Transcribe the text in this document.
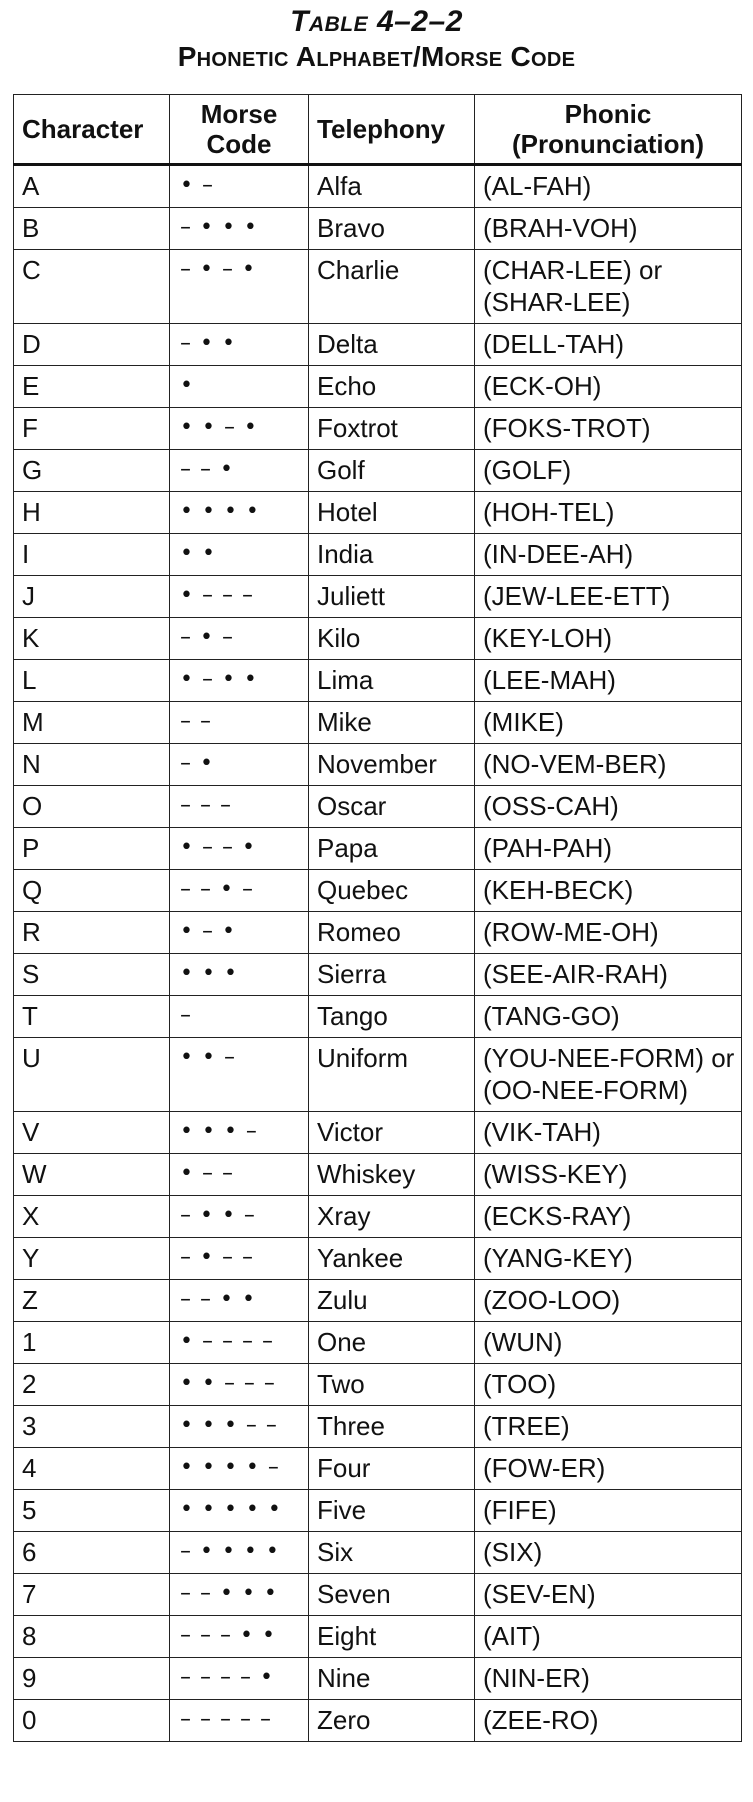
Table 4–2–2
Phonetic Alphabet/Morse Code
Character	Morse Code	Telephony	Phonic (Pronunciation)
A	• –	Alfa	(AL-FAH)
B	– • • •	Bravo	(BRAH-VOH)
C	– • – •	Charlie	(CHAR-LEE) or (SHAR-LEE)
D	– • •	Delta	(DELL-TAH)
E	•	Echo	(ECK-OH)
F	• • – •	Foxtrot	(FOKS-TROT)
G	– – •	Golf	(GOLF)
H	• • • •	Hotel	(HOH-TEL)
I	• •	India	(IN-DEE-AH)
J	• – – –	Juliett	(JEW-LEE-ETT)
K	– • –	Kilo	(KEY-LOH)
L	• – • •	Lima	(LEE-MAH)
M	– –	Mike	(MIKE)
N	– •	November	(NO-VEM-BER)
O	– – –	Oscar	(OSS-CAH)
P	• – – •	Papa	(PAH-PAH)
Q	– – • –	Quebec	(KEH-BECK)
R	• – •	Romeo	(ROW-ME-OH)
S	• • •	Sierra	(SEE-AIR-RAH)
T	–	Tango	(TANG-GO)
U	• • –	Uniform	(YOU-NEE-FORM) or (OO-NEE-FORM)
V	• • • –	Victor	(VIK-TAH)
W	• – –	Whiskey	(WISS-KEY)
X	– • • –	Xray	(ECKS-RAY)
Y	– • – –	Yankee	(YANG-KEY)
Z	– – • •	Zulu	(ZOO-LOO)
1	• – – – –	One	(WUN)
2	• • – – –	Two	(TOO)
3	• • • – –	Three	(TREE)
4	• • • • –	Four	(FOW-ER)
5	• • • • •	Five	(FIFE)
6	– • • • •	Six	(SIX)
7	– – • • •	Seven	(SEV-EN)
8	– – – • •	Eight	(AIT)
9	– – – – •	Nine	(NIN-ER)
0	– – – – –	Zero	(ZEE-RO)
